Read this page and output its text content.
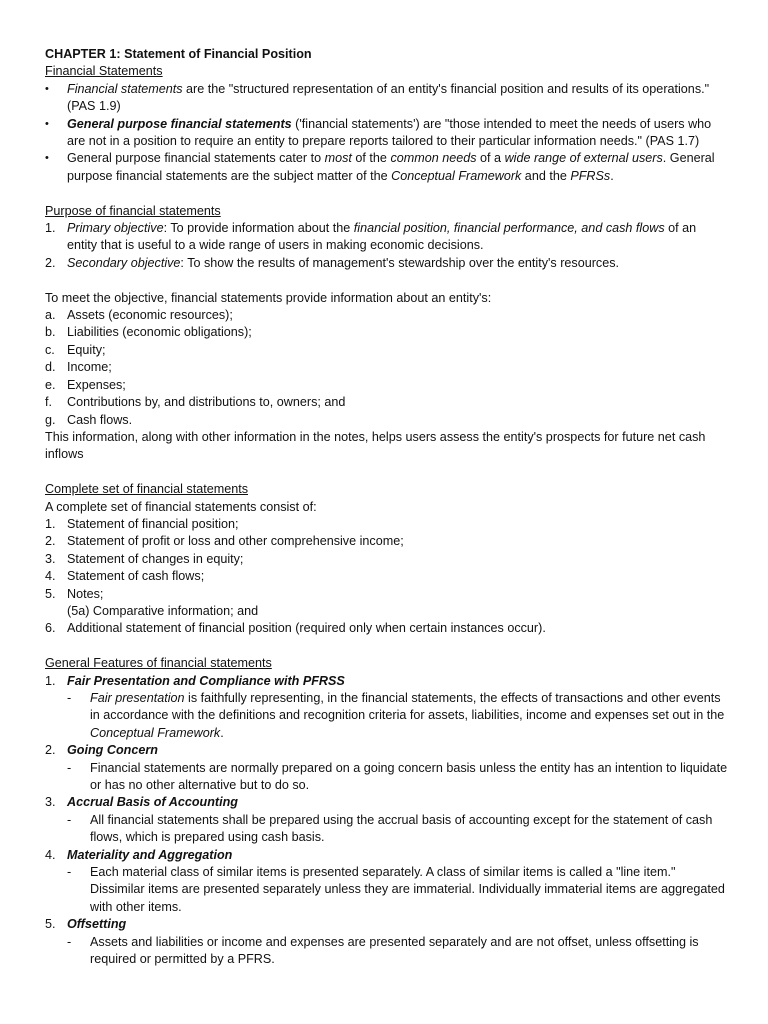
CHAPTER 1: Statement of Financial Position

Financial Statements

•	Financial statements are the "structured representation of an entity's financial position and results of its operations." (PAS 1.9)
•	General purpose financial statements ('financial statements') are "those intended to meet the needs of users who are not in a position to require an entity to prepare reports tailored to their particular information needs." (PAS 1.7)
•	General purpose financial statements cater to most of the common needs of a wide range of external users. General purpose financial statements are the subject matter of the Conceptual Framework and the PFRSs.

Purpose of financial statements

1. Primary objective: To provide information about the financial position, financial performance, and cash flows of an entity that is useful to a wide range of users in making economic decisions.
2. Secondary objective: To show the results of management's stewardship over the entity's resources.

To meet the objective, financial statements provide information about an entity's:

a. Assets (economic resources);
b. Liabilities (economic obligations);
c. Equity;
d. Income;
e. Expenses;
f.	Contributions by, and distributions to, owners; and
g. Cash flows.

This information, along with other information in the notes, helps users assess the entity's prospects for future net cash inflows

Complete set of financial statements

A complete set of financial statements consist of:

1. Statement of financial position;
2. Statement of profit or loss and other comprehensive income;
3. Statement of changes in equity;
4. Statement of cash flows;
5. Notes;

(5a) Comparative information; and

6. Additional statement of financial position (required only when certain instances occur).

General Features of financial statements

1. Fair Presentation and Compliance with PFRSS
-	Fair presentation is faithfully representing, in the financial statements, the effects of transactions and other events in accordance with the definitions and recognition criteria for assets, liabilities, income and expenses set out in the Conceptual Framework.
2. Going Concern
-	Financial statements are normally prepared on a going concern basis unless the entity has an intention to liquidate or has no other alternative but to do so.
3. Accrual Basis of Accounting
-	All financial statements shall be prepared using the accrual basis of accounting except for the statement of cash flows, which is prepared using cash basis.
4. Materiality and Aggregation
-	Each material class of similar items is presented separately. A class of similar items is called a "line item." Dissimilar items are presented separately unless they are immaterial. Individually immaterial items are aggregated with other items.
5. Offsetting
-	Assets and liabilities or income and expenses are presented separately and are not offset, unless offsetting is required or permitted by a PFRS.
